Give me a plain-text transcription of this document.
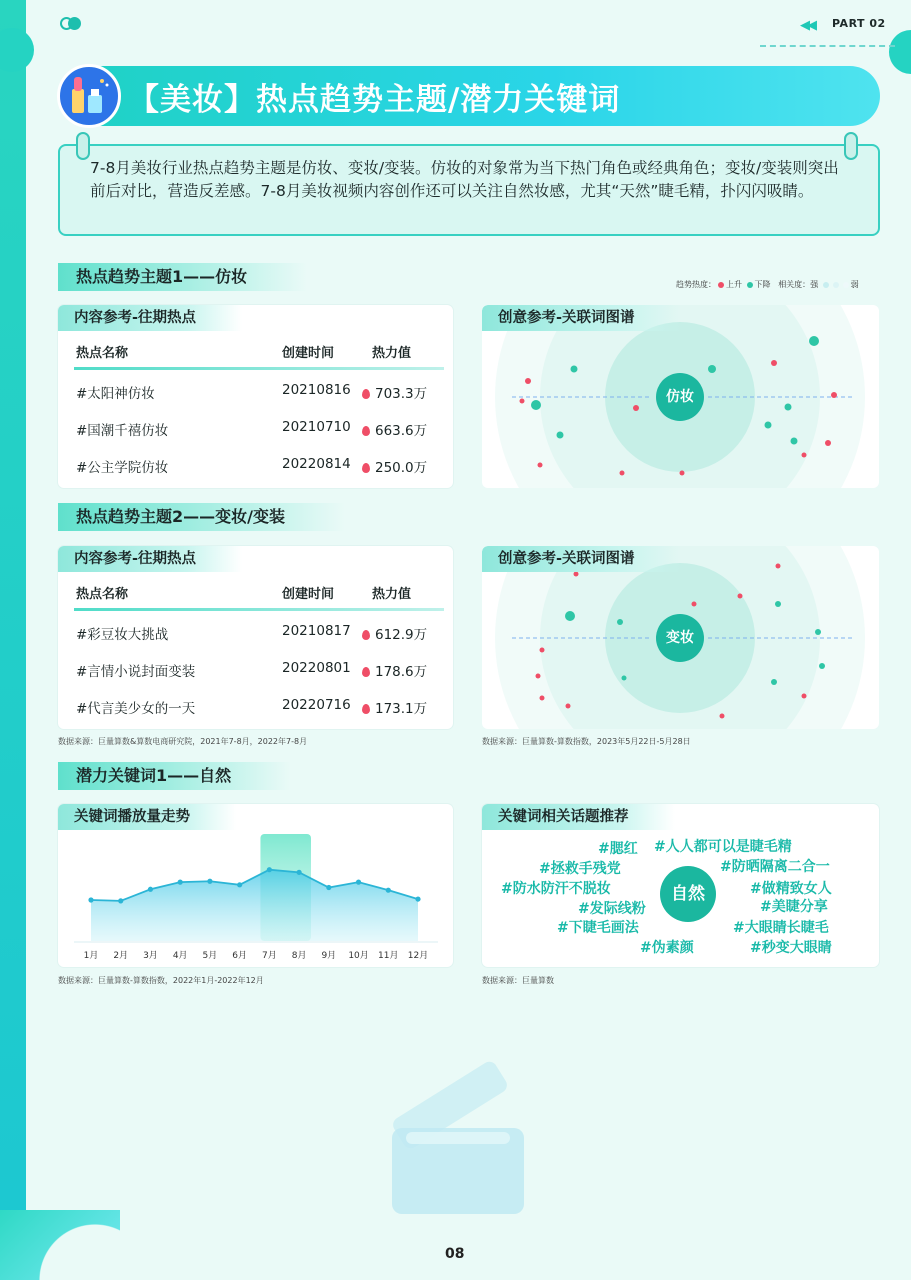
◀◀ PART 02
【美妆】热点趋势主题/潜力关键词
7-8月美妆行业热点趋势主题是仿妆、变妆/变装。仿妆的对象常为当下热门角色或经典角色；变妆/变装则突出前后对比，营造反差感。7-8月美妆视频内容创作还可以关注自然妆感，尤其“天然”睫毛精，扑闪闪吸睛。
热点趋势主题1——仿妆	趋势热度： 上升 下降 相关度：强	弱
内容参考-往期热点
热点名称	创建时间	热力值
#太阳神仿妆	20210816	703.3万
#国潮千禧仿妆	20210710	663.6万
#公主学院仿妆	20220814	250.0万
创意参考-关联词图谱
仿妆
热点趋势主题2——变妆/变装
内容参考-往期热点
热点名称	创建时间	热力值
#彩豆妆大挑战	20210817	612.9万
#言情小说封面变装	20220801	178.6万
#代言美少女的一天	20220716	173.1万
创意参考-关联词图谱
变妆
数据来源：巨量算数&算数电商研究院，2021年7-8月，2022年7-8月	数据来源：巨量算数-算数指数，2023年5月22日-5月28日
潜力关键词1——自然
关键词播放量走势
1月 2月 3月 4月 5月 6月 7月 8月 9月 10月 11月 12月
关键词相关话题推荐
自然
#腮红 #人人都可以是睫毛精
#拯救手残党	#防晒隔离二合一
#防水防汗不脱妆	#做精致女人
#美睫分享
#发际线粉
#下睫毛画法	#大眼睛长睫毛
#伪素颜	#秒变大眼睛
数据来源：巨量算数-算数指数，2022年1月-2022年12月	数据来源：巨量算数
08
